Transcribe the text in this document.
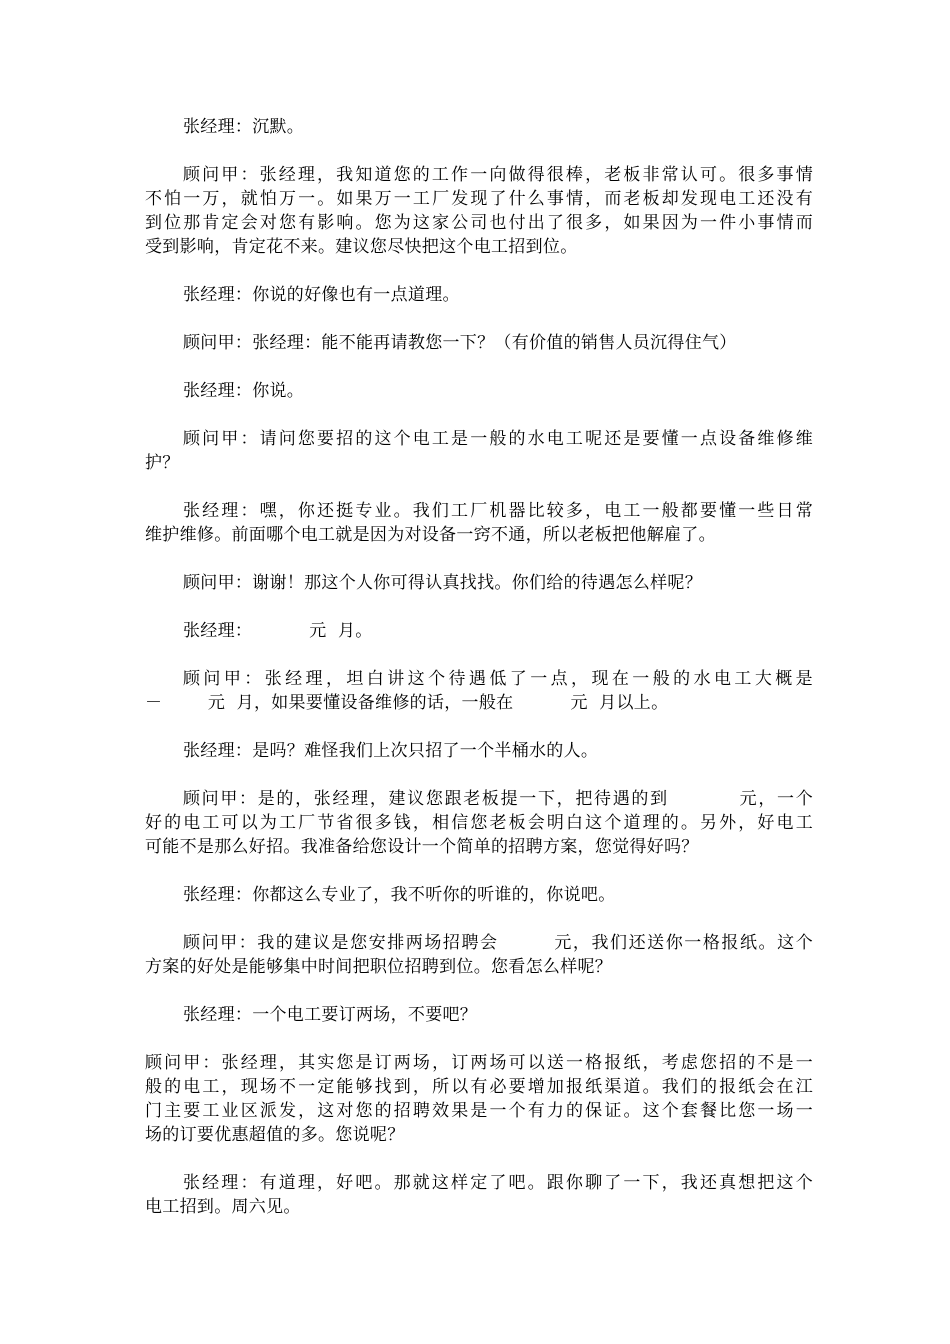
张经理：沉默。
顾问甲：张经理，我知道您的工作一向做得很棒，老板非常认可。很多事情
不怕一万，就怕万一。如果万一工厂发现了什么事情，而老板却发现电工还没有
到位那肯定会对您有影响。您为这家公司也付出了很多，如果因为一件小事情而
受到影响，肯定花不来。建议您尽快把这个电工招到位。
张经理：你说的好像也有一点道理。
顾问甲：张经理：能不能再请教您一下？（有价值的销售人员沉得住气）
张经理：你说。
顾问甲：请问您要招的这个电工是一般的水电工呢还是要懂一点设备维修维
护？
张经理：嘿，你还挺专业。我们工厂机器比较多，电工一般都要懂一些日常
维护维修。前面哪个电工就是因为对设备一窍不通，所以老板把他解雇了。
顾问甲：谢谢！那这个人你可得认真找找。你们给的待遇怎么样呢？
张经理：          元  月。
顾问甲：张经理，坦白讲这个待遇低了一点，现在一般的水电工大概是
－        元  月，如果要懂设备维修的话，一般在          元  月以上。
张经理：是吗？难怪我们上次只招了一个半桶水的人。
顾问甲：是的，张经理，建议您跟老板提一下，把待遇的到          元，一个
好的电工可以为工厂节省很多钱，相信您老板会明白这个道理的。另外，好电工
可能不是那么好招。我准备给您设计一个简单的招聘方案，您觉得好吗？
张经理：你都这么专业了，我不听你的听谁的，你说吧。
顾问甲：我的建议是您安排两场招聘会        元，我们还送你一格报纸。这个
方案的好处是能够集中时间把职位招聘到位。您看怎么样呢？
张经理：一个电工要订两场，不要吧？
顾问甲：张经理，其实您是订两场，订两场可以送一格报纸，考虑您招的不是一
般的电工，现场不一定能够找到，所以有必要增加报纸渠道。我们的报纸会在江
门主要工业区派发，这对您的招聘效果是一个有力的保证。这个套餐比您一场一
场的订要优惠超值的多。您说呢？
张经理：有道理，好吧。那就这样定了吧。跟你聊了一下，我还真想把这个
电工招到。周六见。
